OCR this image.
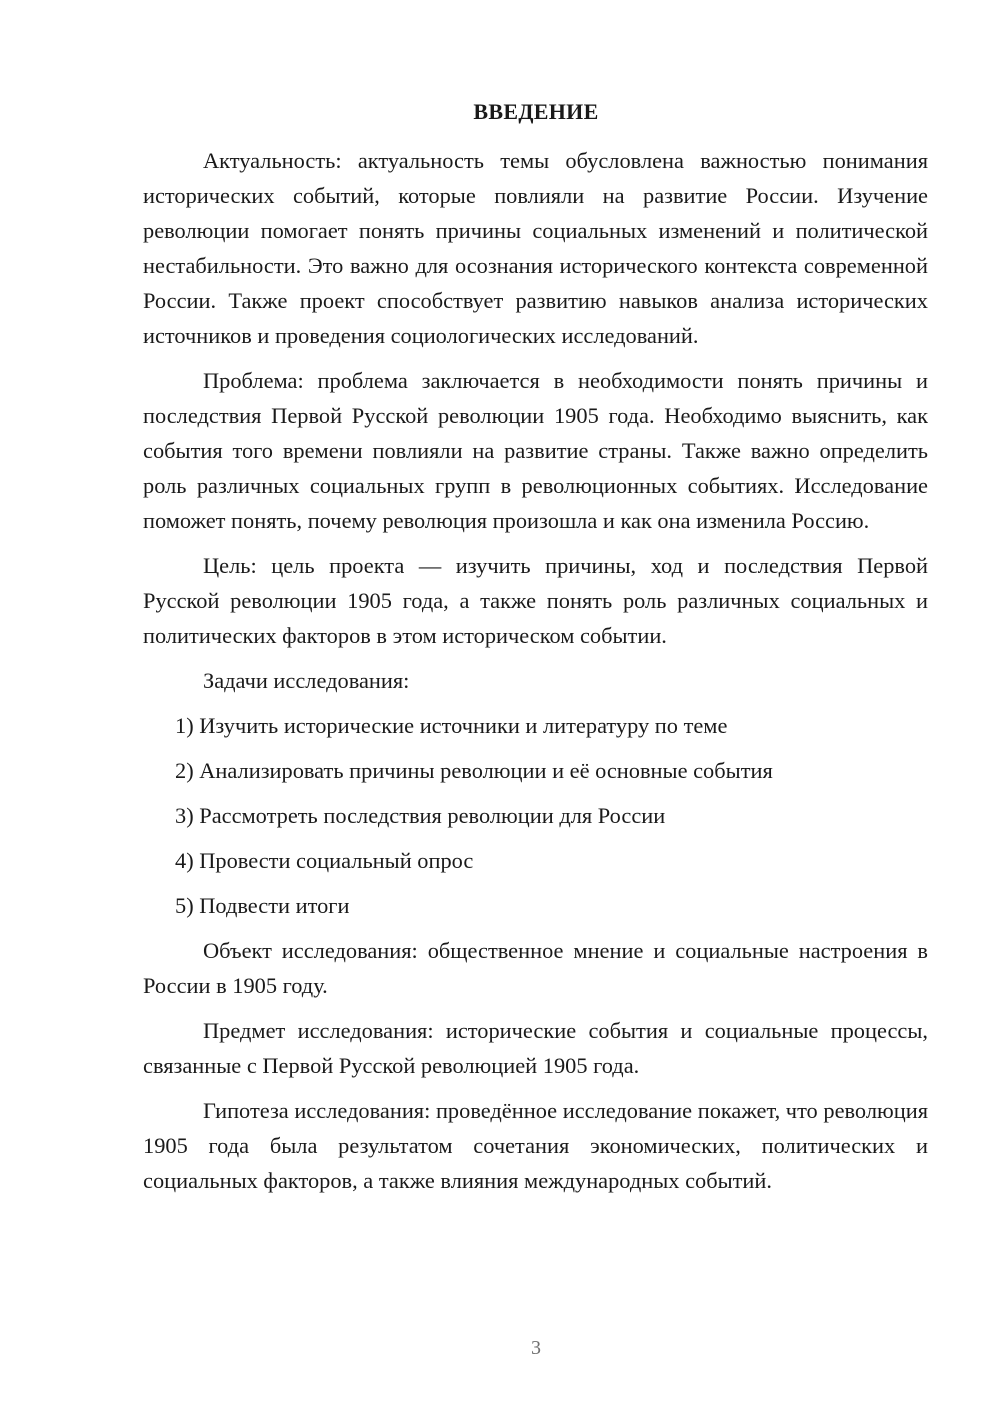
ВВЕДЕНИЕ

Актуальность: актуальность темы обусловлена важностью понимания исторических событий, которые повлияли на развитие России. Изучение революции помогает понять причины социальных изменений и политической нестабильности. Это важно для осознания исторического контекста современной России. Также проект способствует развитию навыков анализа исторических источников и проведения социологических исследований.

Проблема: проблема заключается в необходимости понять причины и последствия Первой Русской революции 1905 года. Необходимо выяснить, как события того времени повлияли на развитие страны. Также важно определить роль различных социальных групп в революционных событиях. Исследование поможет понять, почему революция произошла и как она изменила Россию.

Цель: цель проекта — изучить причины, ход и последствия Первой Русской революции 1905 года, а также понять роль различных социальных и политических факторов в этом историческом событии.

Задачи исследования:

1) Изучить исторические источники и литературу по теме
2) Анализировать причины революции и её основные события
3) Рассмотреть последствия революции для России
4) Провести социальный опрос
5) Подвести итоги

Объект исследования: общественное мнение и социальные настроения в России в 1905 году.

Предмет исследования: исторические события и социальные процессы, связанные с Первой Русской революцией 1905 года.

Гипотеза исследования: проведённое исследование покажет, что революция 1905 года была результатом сочетания экономических, политических и социальных факторов, а также влияния международных событий.

3
